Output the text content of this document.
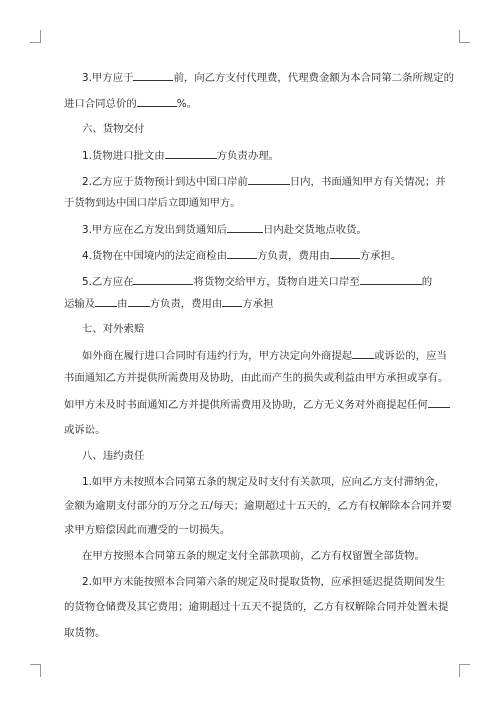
3.甲方应于	前，向乙方支付代理费，代理费金额为本合同第二条所规定的
进口合同总价的	%。
六、货物交付
1.货物进口批文由	方负责办理。
2.乙方应于货物预计到达中国口岸前	日内，书面通知甲方有关情况；并
于货物到达中国口岸后立即通知甲方。
3.甲方应在乙方发出到货通知后	日内赴交货地点收货。
4.货物在中国境内的法定商检由	方负责，费用由	方承担。
5.乙方应在	将货物交给甲方，货物自进关口岸至	的
运输及 由 方负责，费用由 方承担
七、对外索赔
如外商在履行进口合同时有违约行为，甲方决定向外商提起 或诉讼的，应当
书面通知乙方并提供所需费用及协助，由此而产生的损失或利益由甲方承担或享有。
如甲方未及时书面通知乙方并提供所需费用及协助，乙方无义务对外商提起任何
或诉讼。
八、违约责任
1.如甲方未按照本合同第五条的规定及时支付有关款项，应向乙方支付滞纳金，
金额为逾期支付部分的万分之五/每天；逾期超过十五天的，乙方有权解除本合同并要
求甲方赔偿因此而遭受的一切损失。
在甲方按照本合同第五条的规定支付全部款项前，乙方有权留置全部货物。
2.如甲方未能按照本合同第六条的规定及时提取货物，应承担延迟提货期间发生
的货物仓储费及其它费用；逾期超过十五天不提货的，乙方有权解除合同并处置未提
取货物。
